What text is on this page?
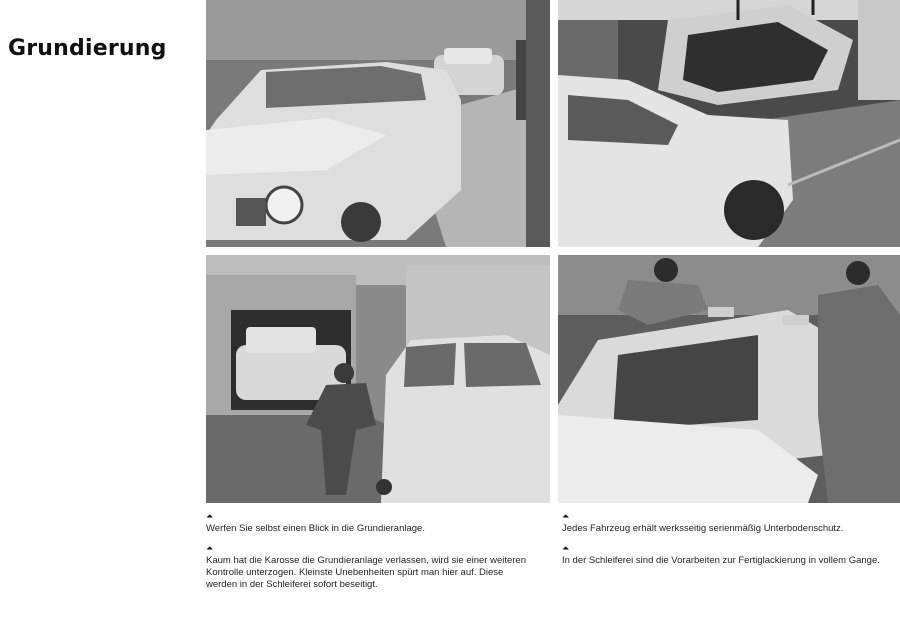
Grundierung
⏶
Werfen Sie selbst einen Blick in die Grundieranlage.
⏶
Kaum hat die Karosse die Grundieranlage verlassen, wird sie einer weiteren Kontrolle unterzogen. Kleinste Unebenheiten spürt man hier auf. Diese werden in der Schleiferei sofort beseitigt.
⏶
Jedes Fahrzeug erhält werksseitig serienmäßig Unterbodenschutz.
⏶
In der Schleiferei sind die Vorarbeiten zur Fertiglackierung in vollem Gange.
